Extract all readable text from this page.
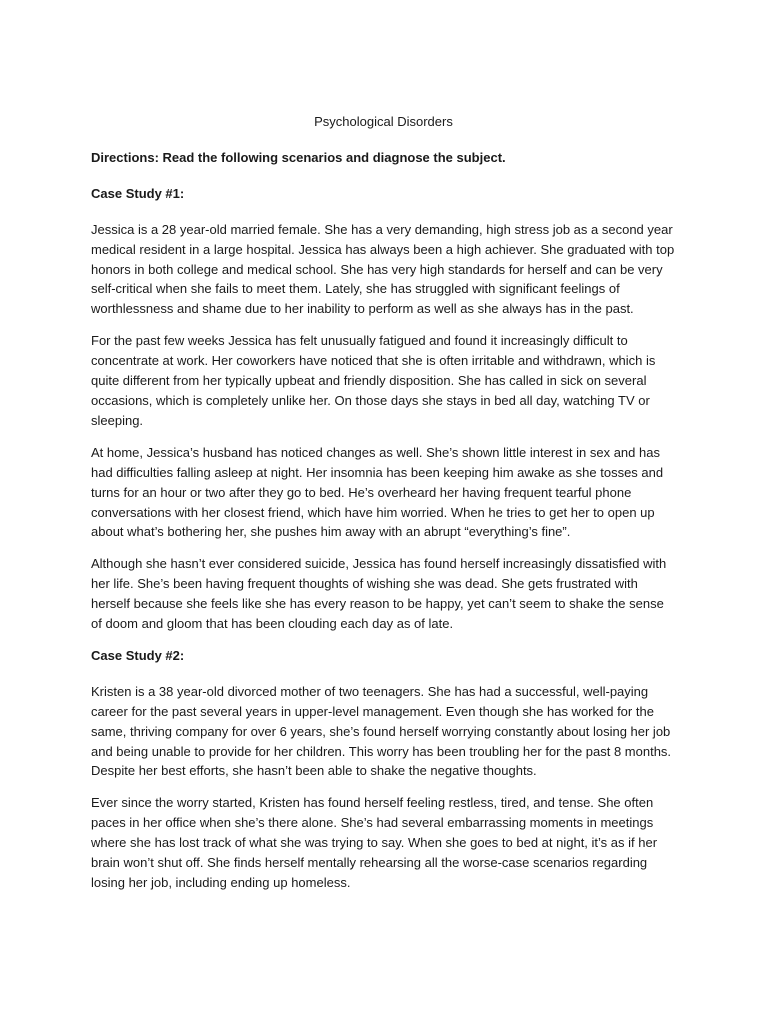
Psychological Disorders

Directions: Read the following scenarios and diagnose the subject.

Case Study #1:

Jessica is a 28 year-old married female. She has a very demanding, high stress job as a second year medical resident in a large hospital. Jessica has always been a high achiever. She graduated with top honors in both college and medical school. She has very high standards for herself and can be very self-critical when she fails to meet them. Lately, she has struggled with significant feelings of worthlessness and shame due to her inability to perform as well as she always has in the past.

For the past few weeks Jessica has felt unusually fatigued and found it increasingly difficult to concentrate at work. Her coworkers have noticed that she is often irritable and withdrawn, which is quite different from her typically upbeat and friendly disposition. She has called in sick on several occasions, which is completely unlike her. On those days she stays in bed all day, watching TV or sleeping.

At home, Jessica’s husband has noticed changes as well. She’s shown little interest in sex and has had difficulties falling asleep at night. Her insomnia has been keeping him awake as she tosses and turns for an hour or two after they go to bed. He’s overheard her having frequent tearful phone conversations with her closest friend, which have him worried. When he tries to get her to open up about what’s bothering her, she pushes him away with an abrupt “everything’s fine”.

Although she hasn’t ever considered suicide, Jessica has found herself increasingly dissatisfied with her life. She’s been having frequent thoughts of wishing she was dead. She gets frustrated with herself because she feels like she has every reason to be happy, yet can’t seem to shake the sense of doom and gloom that has been clouding each day as of late.

Case Study #2:

Kristen is a 38 year-old divorced mother of two teenagers. She has had a successful, well-paying career for the past several years in upper-level management. Even though she has worked for the same, thriving company for over 6 years, she’s found herself worrying constantly about losing her job and being unable to provide for her children. This worry has been troubling her for the past 8 months. Despite her best efforts, she hasn’t been able to shake the negative thoughts.

Ever since the worry started, Kristen has found herself feeling restless, tired, and tense. She often paces in her office when she’s there alone. She’s had several embarrassing moments in meetings where she has lost track of what she was trying to say. When she goes to bed at night, it’s as if her brain won’t shut off. She finds herself mentally rehearsing all the worse-case scenarios regarding losing her job, including ending up homeless.
